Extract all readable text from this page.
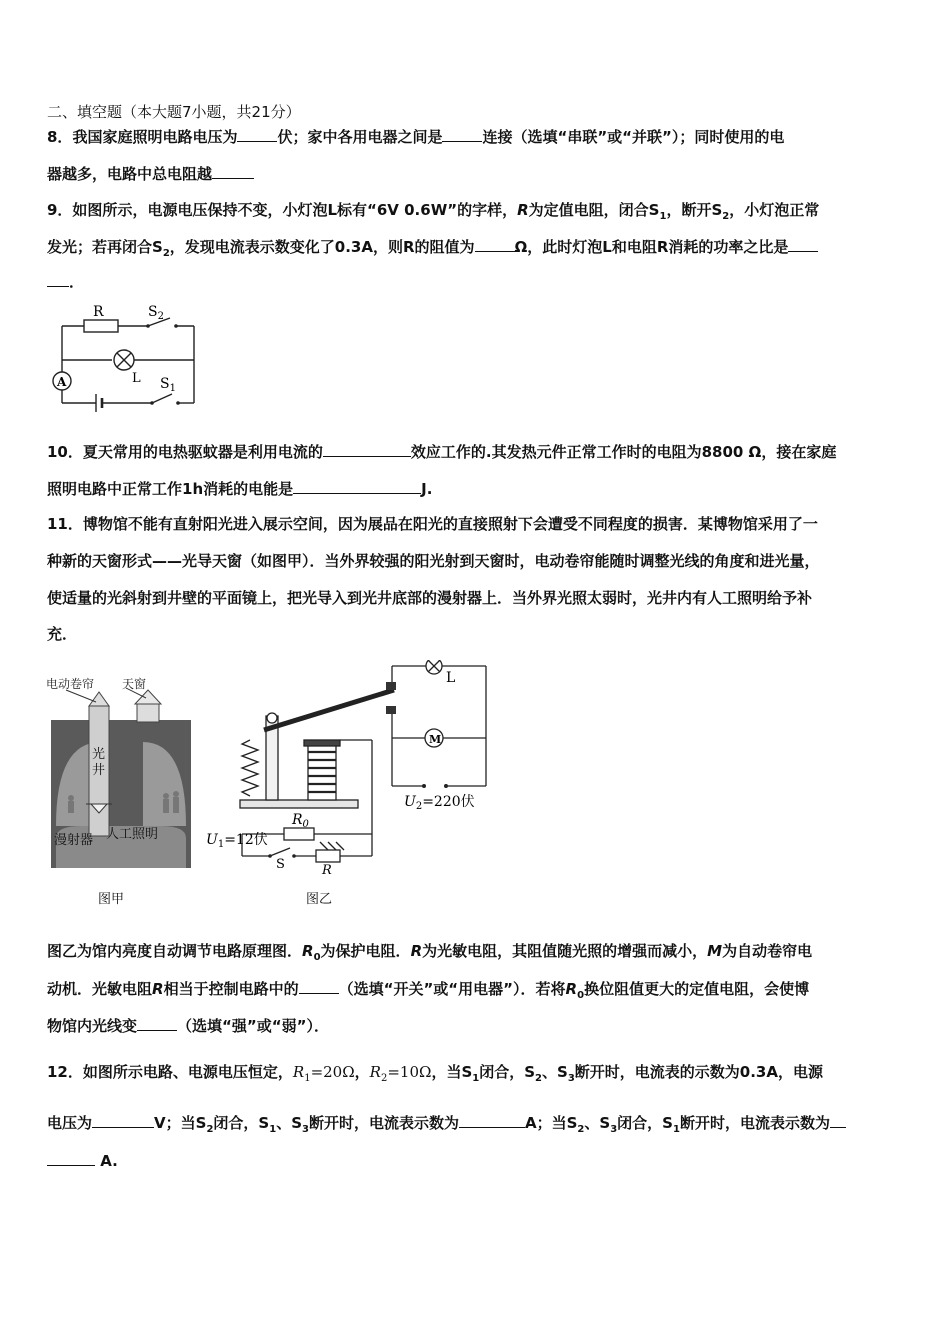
二、填空题（本大题7小题，共21分）
8．我国家庭照明电路电压为	伏；家中各用电器之间是	连接（选填“串联”或“并联”）；同时使用的电
器越多，电路中总电阻越
9．如图所示，电源电压保持不变，小灯泡L标有“6V 0.6W”的字样，R为定值电阻，闭合$S_1$，断开$S_2$，小灯泡正常
发光；若再闭合$S_2$，发现电流表示数变化了0.3A，则R的阻值为	Ω，此时灯泡L和电阻R消耗的功率之比是
．
R	$S_2$
L $S_1$
A
10．夏天常用的电热驱蚊器是利用电流的	效应工作的.其发热元件正常工作时的电阻为8800 Ω，接在家庭
照明电路中正常工作1h消耗的电能是	J.
11．博物馆不能有直射阳光进入展示空间，因为展品在阳光的直接照射下会遭受不同程度的损害．某博物馆采用了一
种新的天窗形式——光导天窗（如图甲）．当外界较强的阳光射到天窗时，电动卷帘能随时调整光线的角度和进光量，
使适量的光斜射到井壁的平面镜上，把光导入到光井底部的漫射器上．当外界光照太弱时，光井内有人工照明给予补
充．
电动卷帘 天窗
光
井
漫射器 人工照明
图甲
L
M
$U_2=220$伏
$U_1=12$伏
$R_0$
S	R
图乙
图乙为馆内亮度自动调节电路原理图．$R_0$为保护电阻．R为光敏电阻，其阻值随光照的增强而减小，M为自动卷帘电
动机．光敏电阻R相当于控制电路中的	（选填“开关”或“用电器”）．若将$R_0$换位阻值更大的定值电阻，会使博
物馆内光线变	（选填“强”或“弱”）．
12．如图所示电路、电源电压恒定，$R_1=20\Omega$，$R_2=10\Omega$，当$S_1$闭合，$S_2$、$S_3$断开时，电流表的示数为0.3A，电源
电压为	V；当$S_2$闭合，$S_1$、$S_3$断开时，电流表示数为	A；当$S_2$、$S_3$闭合，$S_1$断开时，电流表示数为
A.
